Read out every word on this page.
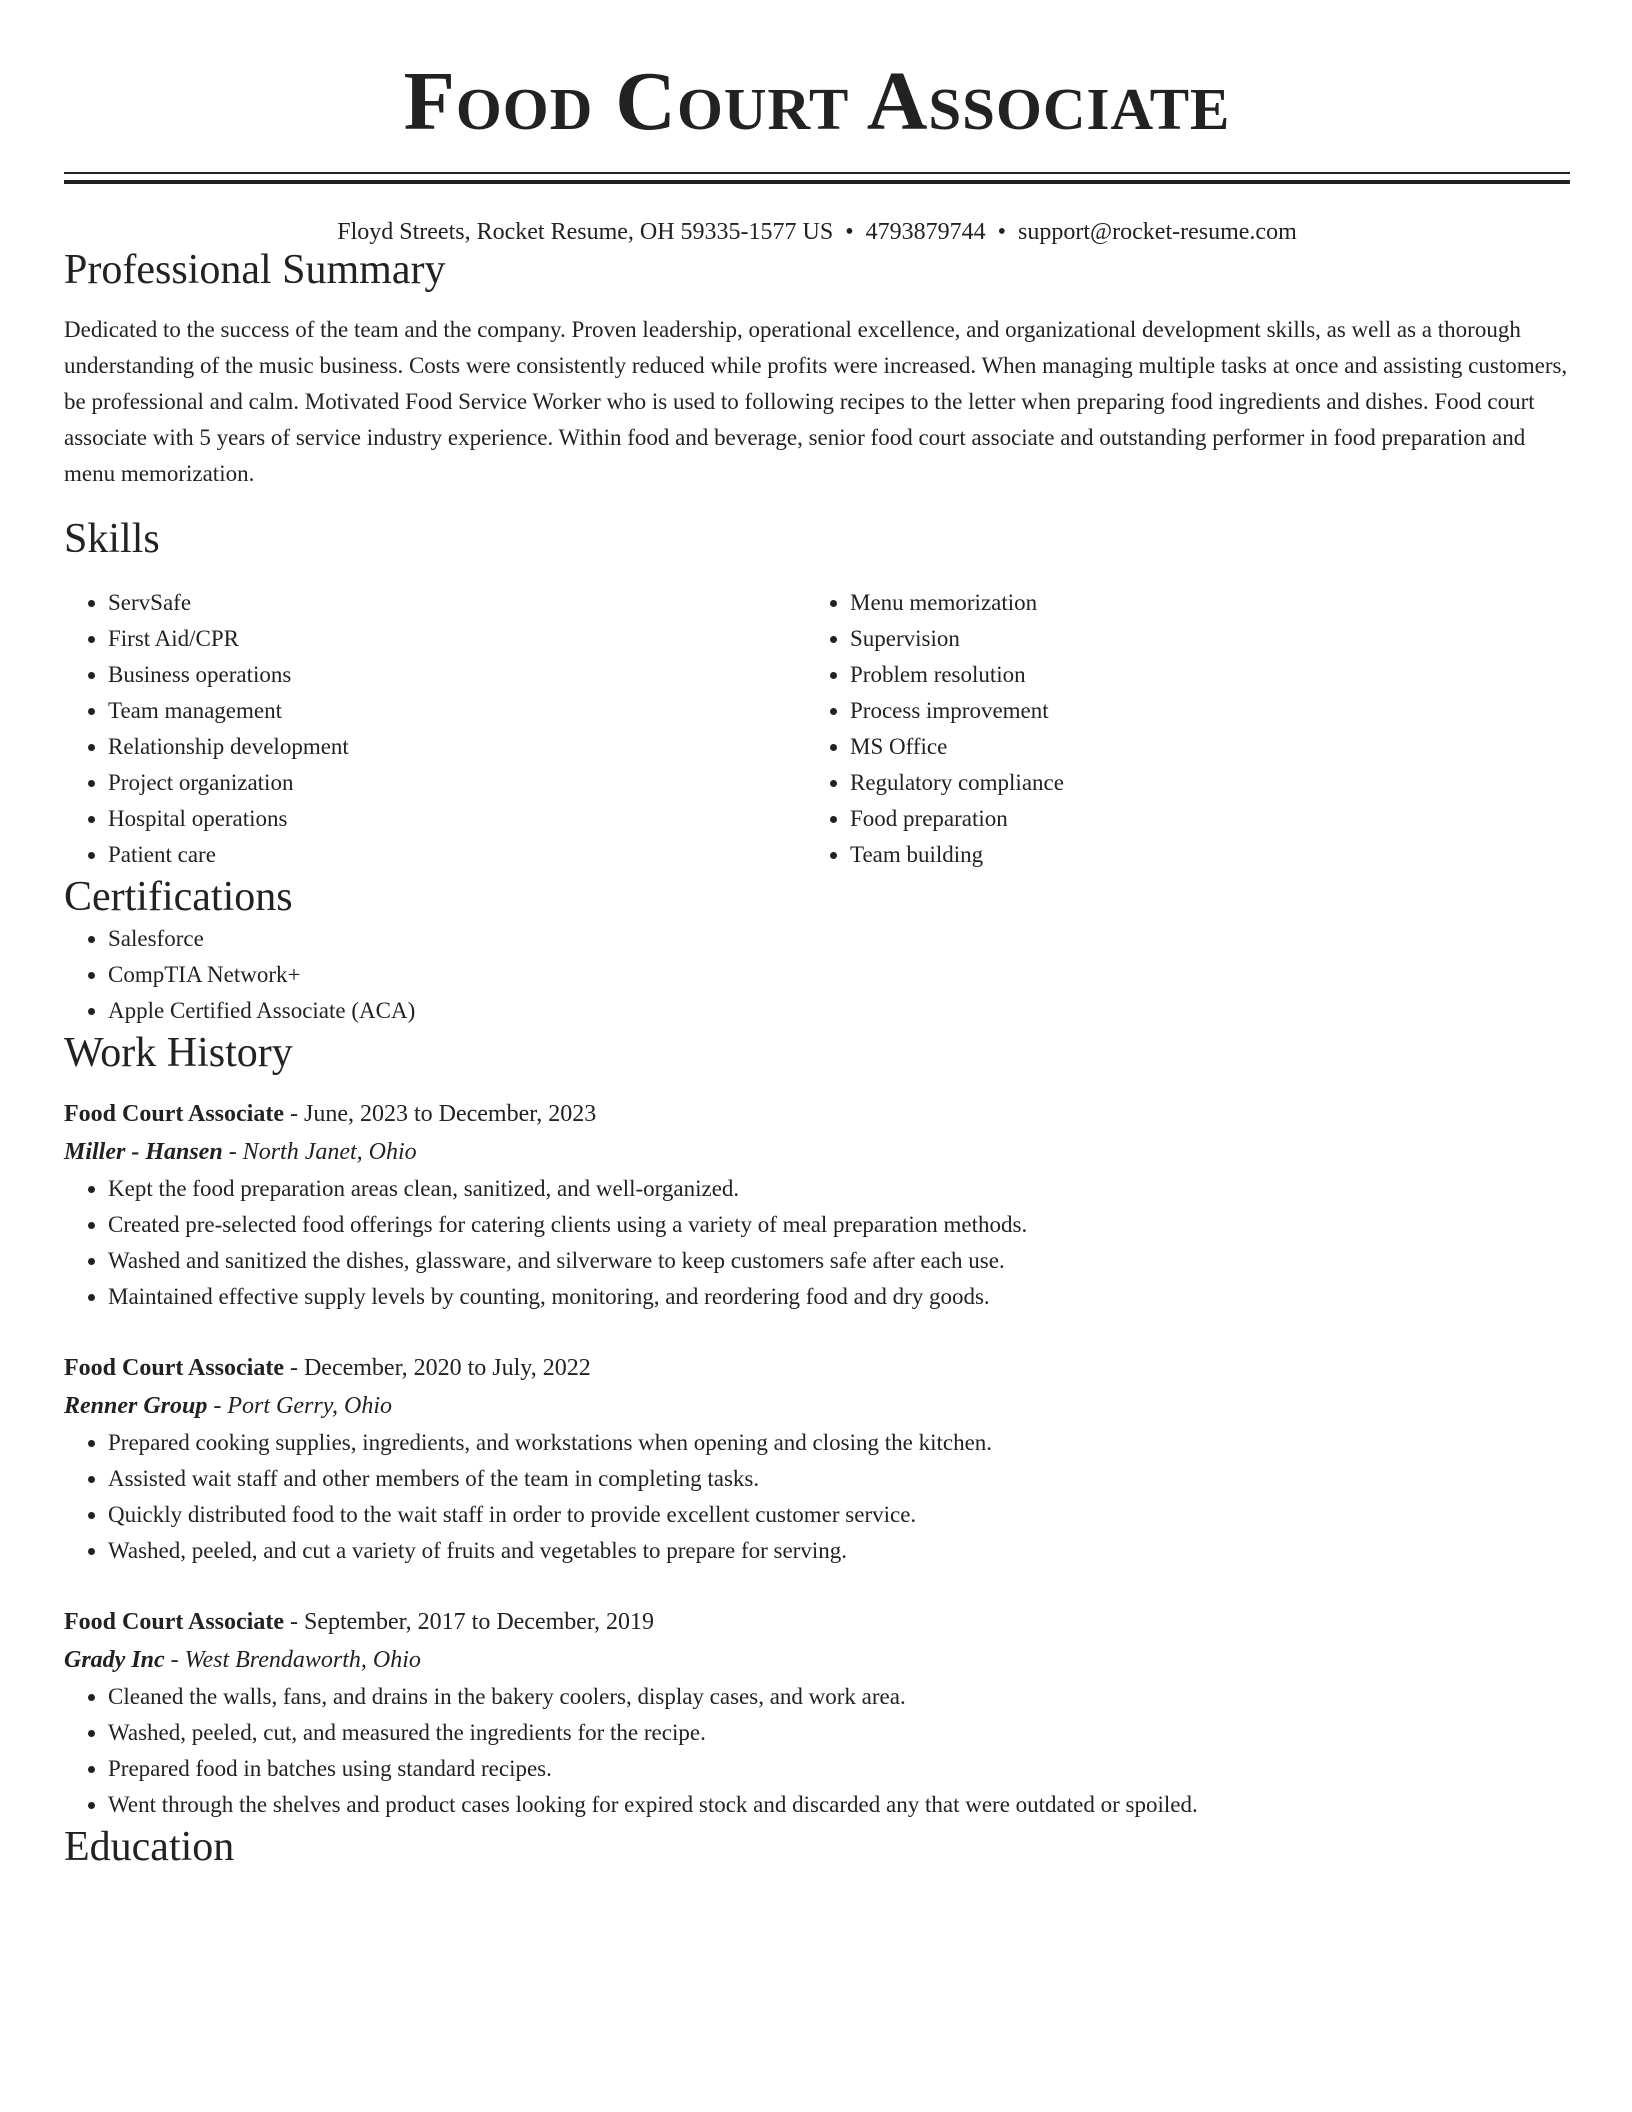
Food Court Associate
Floyd Streets, Rocket Resume, OH 59335-1577 US • 4793879744 • support@rocket-resume.com
Professional Summary

Dedicated to the success of the team and the company. Proven leadership, operational excellence, and organizational development skills, as well as a thorough understanding of the music business. Costs were consistently reduced while profits were increased. When managing multiple tasks at once and assisting customers, be professional and calm. Motivated Food Service Worker who is used to following recipes to the letter when preparing food ingredients and dishes. Food court associate with 5 years of service industry experience. Within food and beverage, senior food court associate and outstanding performer in food preparation and menu memorization.

Skills
• ServSafe
• First Aid/CPR
• Business operations
• Team management
• Relationship development
• Project organization
• Hospital operations
• Patient care
• Menu memorization
• Supervision
• Problem resolution
• Process improvement
• MS Office
• Regulatory compliance
• Food preparation
• Team building
Certifications
• Salesforce
• CompTIA Network+
• Apple Certified Associate (ACA)
Work History
Food Court Associate - June, 2023 to December, 2023
Miller - Hansen - North Janet, Ohio
• Kept the food preparation areas clean, sanitized, and well-organized.
• Created pre-selected food offerings for catering clients using a variety of meal preparation methods.
• Washed and sanitized the dishes, glassware, and silverware to keep customers safe after each use.
• Maintained effective supply levels by counting, monitoring, and reordering food and dry goods.
Food Court Associate - December, 2020 to July, 2022
Renner Group - Port Gerry, Ohio
• Prepared cooking supplies, ingredients, and workstations when opening and closing the kitchen.
• Assisted wait staff and other members of the team in completing tasks.
• Quickly distributed food to the wait staff in order to provide excellent customer service.
• Washed, peeled, and cut a variety of fruits and vegetables to prepare for serving.
Food Court Associate - September, 2017 to December, 2019
Grady Inc - West Brendaworth, Ohio
• Cleaned the walls, fans, and drains in the bakery coolers, display cases, and work area.
• Washed, peeled, cut, and measured the ingredients for the recipe.
• Prepared food in batches using standard recipes.
• Went through the shelves and product cases looking for expired stock and discarded any that were outdated or spoiled.
Education
